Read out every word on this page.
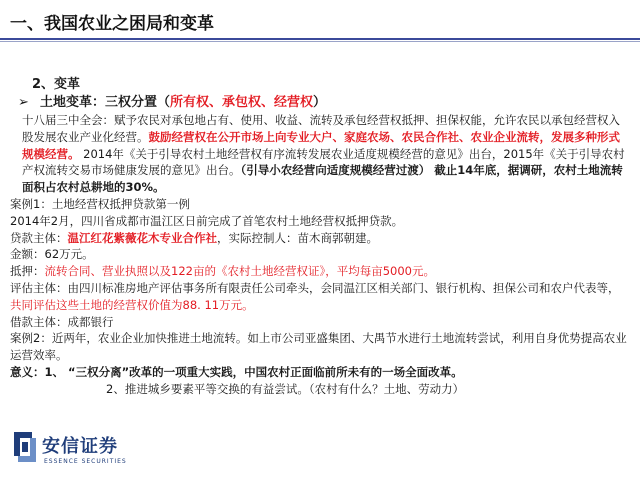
一、我国农业之困局和变革
2、变革
➢ 土地变革：三权分置（所有权、承包权、经营权）

十八届三中全会：赋予农民对承包地占有、使用、收益、流转及承包经营权抵押、担保权能，允许农民以承包经营权入股发展农业产业化经营。鼓励经营权在公开市场上向专业大户、家庭农场、农民合作社、农业企业流转，发展多种形式规模经营。 2014年《关于引导农村土地经营权有序流转发展农业适度规模经营的意见》出台，2015年《关于引导农村产权流转交易市场健康发展的意见》出台。（引导小农经营向适度规模经营过渡） 截止14年底，据调研，农村土地流转面积占农村总耕地的30%。

案例1：土地经营权抵押贷款第一例

2014年2月，四川省成都市温江区日前完成了首笔农村土地经营权抵押贷款。

贷款主体：温江红花紫薇花木专业合作社，实际控制人：苗木商郭朝建。

金额：62万元。

抵押：流转合同、营业执照以及122亩的《农村土地经营权证》，平均每亩5000元。

评估主体：由四川标准房地产评估事务所有限责任公司牵头，会同温江区相关部门、银行机构、担保公司和农户代表等，共同评估这些土地的经营权价值为88. 11万元。

借款主体：成都银行

案例2：近两年，农业企业加快推进土地流转。如上市公司亚盛集团、大禺节水进行土地流转尝试，利用自身优势提高农业运营效率。

意义：1、 “三权分离”改革的一项重大实践，中国农村正面临前所未有的一场全面改革。

2、推进城乡要素平等交换的有益尝试。（农村有什么？土地、劳动力）

安信证券
ESSENCE SECURITIES
